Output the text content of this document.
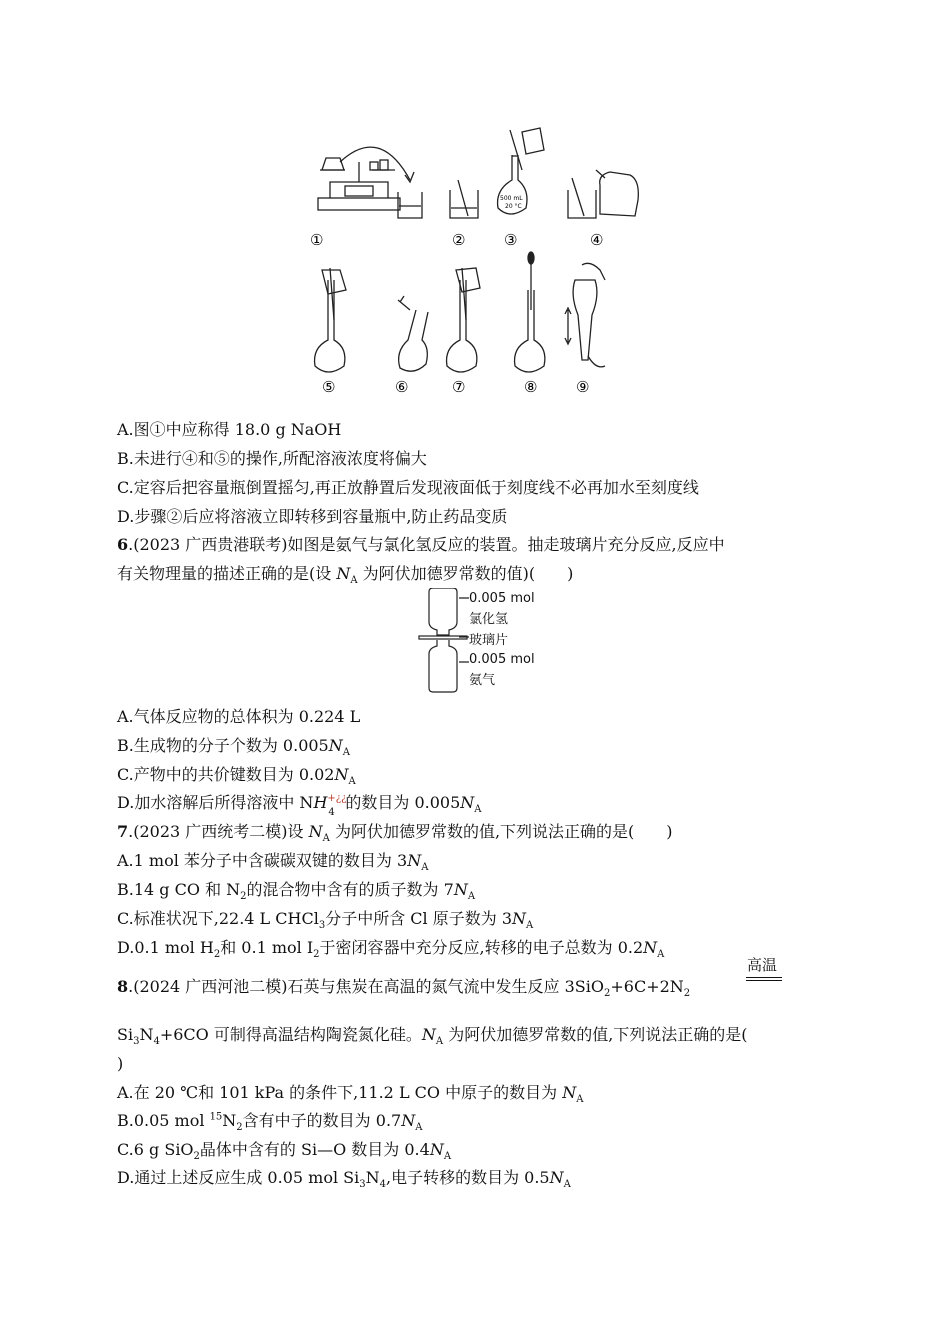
①	②	③	④
⑤	⑥	⑦	⑧	⑨
500 mL
20 °C
A.图①中应称得 18.0 g NaOH
B.未进行④和⑤的操作,所配溶液浓度将偏大
C.定容后把容量瓶倒置摇匀,再正放静置后发现液面低于刻度线不必再加水至刻度线
D.步骤②后应将溶液立即转移到容量瓶中,防止药品变质
6.(2023 广西贵港联考)如图是氨气与氯化氢反应的装置。抽走玻璃片充分反应,反应中
有关物理量的描述正确的是(设 $N_A$ 为阿伏加德罗常数的值)(　　)
0.005 mol
氯化氢
玻璃片
0.005 mol
氨气
A.气体反应物的总体积为 0.224 L
B.生成物的分子个数为 $0.005N_A$
C.产物中的共价键数目为 $0.02N_A$
D.加水溶解后所得溶液中 NH +¿¿
4
的数目为 $0.005N_A$
7.(2023 广西统考二模)设 $N_A$ 为阿伏加德罗常数的值,下列说法正确的是(　　)
A.1 mol 苯分子中含碳碳双键的数目为 $3N_A$
B.14 g CO 和 $N_2$的混合物中含有的质子数为 $7N_A$
C.标准状况下,22.4 L CHCl$_3$分子中所含 Cl 原子数为 $3N_A$
D.0.1 mol $H_2$和 0.1 mol $I_2$于密闭容器中充分反应,转移的电子总数为 $0.2N_A$
8.(2024 广西河池二模)石英与焦炭在高温的氮气流中发生反应 $3SiO_2+6C+2N_2$
高温
$Si_3N_4+6CO$ 可制得高温结构陶瓷氮化硅。$N_A$ 为阿伏加德罗常数的值,下列说法正确的是(
)
A.在 20 ℃和 101 kPa 的条件下,11.2 L CO 中原子的数目为 $N_A$
B.0.05 mol $^{15}N_2$含有中子的数目为 $0.7N_A$
C.6 g SiO$_2$晶体中含有的 Si—O 数目为 $0.4N_A$
D.通过上述反应生成 0.05 mol $Si_3N_4$,电子转移的数目为 $0.5N_A$
